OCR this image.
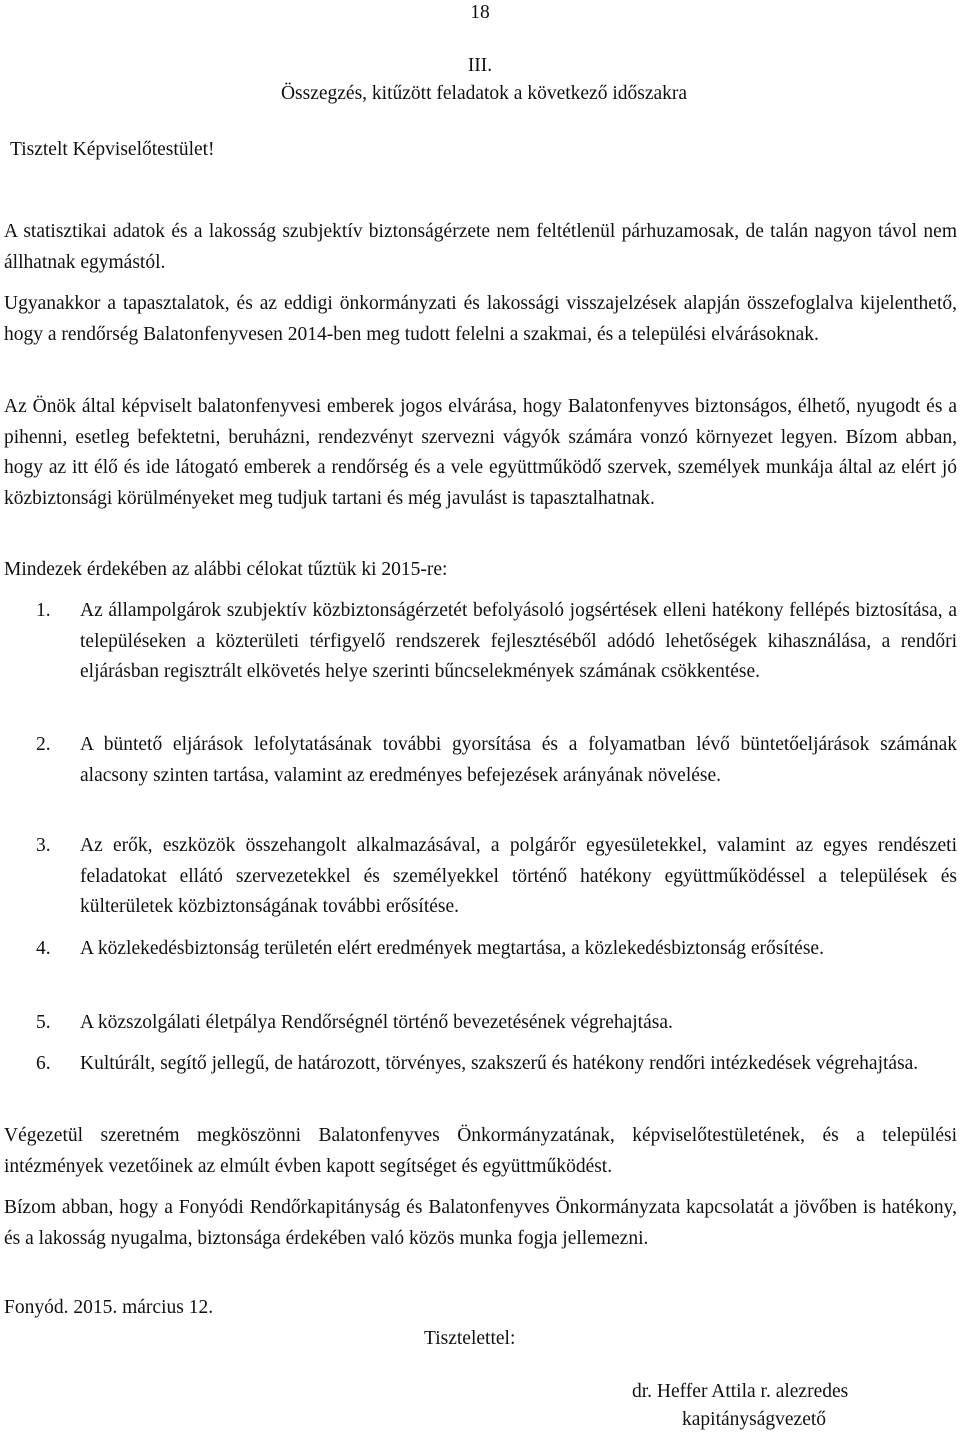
18

III.

Összegzés, kitűzött feladatok a következő időszakra

Tisztelt Képviselőtestület!

A statisztikai adatok és a lakosság szubjektív biztonságérzete nem feltétlenül párhuzamosak, de talán nagyon távol nem állhatnak egymástól.

Ugyanakkor a tapasztalatok, és az eddigi önkormányzati és lakossági visszajelzések alapján összefoglalva kijelenthető, hogy a rendőrség Balatonfenyvesen 2014-ben meg tudott felelni a szakmai, és a települési elvárásoknak.

Az Önök által képviselt balatonfenyvesi emberek jogos elvárása, hogy Balatonfenyves biztonságos, élhető, nyugodt és a pihenni, esetleg befektetni, beruházni, rendezvényt szervezni vágyók számára vonzó környezet legyen. Bízom abban, hogy az itt élő és ide látogató emberek a rendőrség és a vele együttműködő szervek, személyek munkája által az elért jó közbiztonsági körülményeket meg tudjuk tartani és még javulást is tapasztalhatnak.

Mindezek érdekében az alábbi célokat tűztük ki 2015-re:

1. Az állampolgárok szubjektív közbiztonságérzetét befolyásoló jogsértések elleni hatékony fellépés biztosítása, a településeken a közterületi térfigyelő rendszerek fejlesztéséből adódó lehetőségek kihasználása, a rendőri eljárásban regisztrált elkövetés helye szerinti bűncselekmények számának csökkentése.
2. A büntető eljárások lefolytatásának további gyorsítása és a folyamatban lévő büntetőeljárások számának alacsony szinten tartása, valamint az eredményes befejezések arányának növelése.
3. Az erők, eszközök összehangolt alkalmazásával, a polgárőr egyesületekkel, valamint az egyes rendészeti feladatokat ellátó szervezetekkel és személyekkel történő hatékony együttműködéssel a települések és külterületek közbiztonságának további erősítése.
4. A közlekedésbiztonság területén elért eredmények megtartása, a közlekedésbiztonság erősítése.
5. A közszolgálati életpálya Rendőrségnél történő bevezetésének végrehajtása.
6. Kultúrált, segítő jellegű, de határozott, törvényes, szakszerű és hatékony rendőri intézkedések végrehajtása.

Végezetül szeretném megköszönni Balatonfenyves Önkormányzatának, képviselőtestületének, és a települési intézmények vezetőinek az elmúlt évben kapott segítséget és együttműködést.

Bízom abban, hogy a Fonyódi Rendőrkapitányság és Balatonfenyves Önkormányzata kapcsolatát a jövőben is hatékony, és a lakosság nyugalma, biztonsága érdekében való közös munka fogja jellemezni.

Fonyód. 2015. március 12.

Tisztelettel:

dr. Heffer Attila r. alezredes

kapitányságvezető
